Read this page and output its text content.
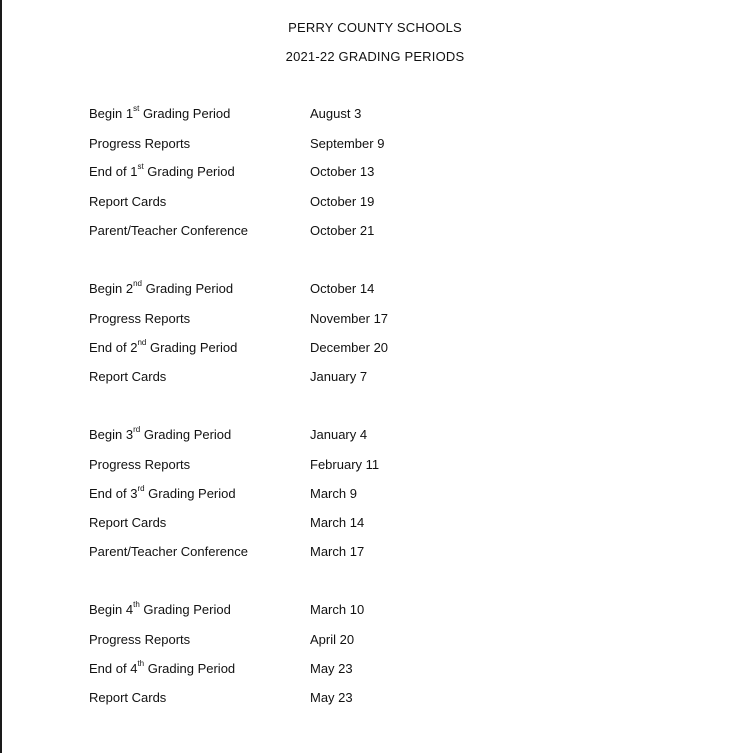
PERRY COUNTY SCHOOLS
2021-22 GRADING PERIODS
Begin 1st Grading Period	August 3
Progress Reports	September 9
End of 1st Grading Period	October 13
Report Cards	October 19
Parent/Teacher Conference	October 21
Begin 2nd Grading Period	October 14
Progress Reports	November 17
End of 2nd Grading Period	December 20
Report Cards	January 7
Begin 3rd Grading Period	January 4
Progress Reports	February 11
End of 3rd Grading Period	March 9
Report Cards	March 14
Parent/Teacher Conference	March 17
Begin 4th Grading Period	March 10
Progress Reports	April 20
End of 4th Grading Period	May 23
Report Cards	May 23
